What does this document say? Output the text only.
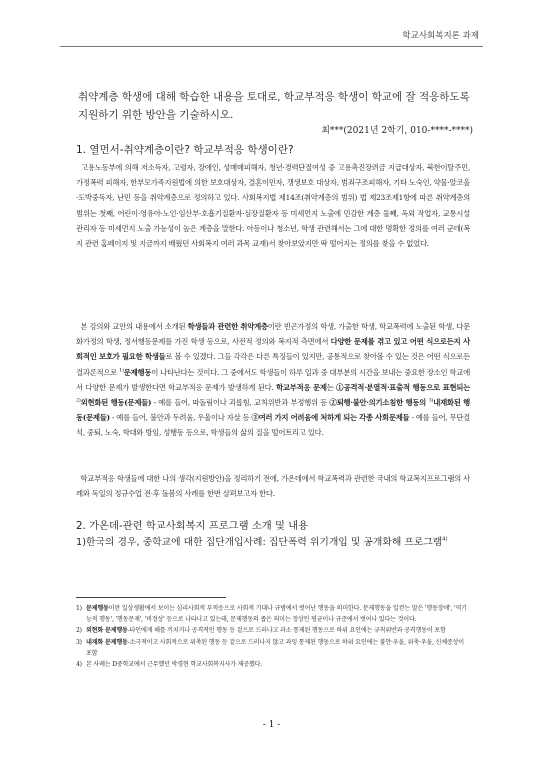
학교사회복지론 과제
취약계층 학생에 대해 학습한 내용을 토대로, 학교부적응 학생이 학교에 잘 적응하도록 지원하기 위한 방안을 기술하시오.
최***(2021년 2학기, 010-****-****)
1. 열먼서-취약계층이란? 학교부적응 학생이란?
고용노동부에 의해 저소득자, 고령자, 장애인, 성매매피해자, 청년·경력단절여성 중 고용촉진장려금 지급대상자, 북한이탈주민, 가정폭력 피해자, 한부모가족지원법에 의한 보호대상자, 결혼이민자, 갱생보호 대상자, 범죄구조피해자, 기타 노숙인, 약물·알코올·도박중독자, 난민 등을 취약계층으로 정의하고 있다. 사회복지법 제14조(취약계층의 범위) 법 제23조제1항에 따른 취약계층의 범위는 첫째, 어린이·영유아·노인·임산부·호흡기질환자·심장질환자 등 미세먼지 노출에 민감한 계층 둘째, 옥외 작업자, 교통시설 관리자 등 미세먼지 노출 가능성이 높은 계층을 말한다. 아동이나 청소년, 학생 관련해서는 그에 대한 명확한 정의를 여러 군데(복지 관련 홈페이지 및 지금까지 배웠던 사회복지 여러 과목 교재)서 찾아보았지만 딱 떨어지는 정의를 찾을 수 없었다.
본 강의와 교안의 내용에서 소개된 학생들과 관련한 취약계층이란 빈곤가정의 학생, 가출한 학생, 학교폭력에 노출된 학생, 다문화가정의 학생, 정서행동문제를 가진 학생 등으로, 사전적 정의와 복지적 측면에서 다양한 문제를 겪고 있고 어떤 식으로든지 사회적인 보호가 필요한 학생들로 볼 수 있겠다. 그들 각각은 다른 특징들이 있지만, 공통적으로 찾아볼 수 있는 것은 어떤 식으로든 결과론적으로 $^{1)}$문제행동이 나타난다는 것이다. 그 중에서도 학생들이 하루 일과 중 대부분의 시간을 보내는 중요한 장소인 학교에서 다양한 문제가 발생한다면 학교부적응 문제가 발생하게 된다. 학교부적응 문제는 ①공격적·분열적·표출적 행동으로 표현되는 $^{2)}$외현화된 행동(문제들) - 예를 들어, 따돌림이나 괴롭힘, 교칙위반과 부정행위 등 ②퇴행·불안·의기소침한 행동의 $^{3)}$내재화된 행동(문제들) - 예를 들어, 불안과 두려움, 우울이나 자살 등 ③여러 가지 어려움에 처하게 되는 각종 사회문제들 - 예를 들어, 무단결석, 중퇴, 노숙, 학대와 방임, 성행동 등으로, 학생들의 삶의 질을 떨어트리고 있다.
학교부적응 학생들에 대한 나의 생각(지원방안)을 정리하기 전에, 가온데에서 학교폭력과 관련한 국내의 학교복지프로그램의 사례와 독일의 정규수업 전·후 돌봄의 사례를 한번 살펴보고자 한다.
2. 가온데-관련 학교사회복지 프로그램 소개 및 내용
1)한국의 경우, 중학교에 대한 집단개입사례: 집단폭력 위기개입 및 공개화해 프로그램$^{4)}$
1) 문제행동이란 일상생활에서 보이는 심리사회적 부적응으로 사회적 기대나 규범에서 벗어난 행동을 의미한다. 문제행동을 일컫는 말은 '행동장애', '역기능적 행동', '행동문제', '비정상' 등으로 나타나고 있는데, 문제행동의 좁은 의미는 정상인 평균이나 규준에서 벗어나 있다는 것이다.
2) 외현화 문제행동-타인에게 해를 끼치거나 공격적인 행동 등 겉으로 드러나고 과소 통제된 행동으로 하위 요인에는 규칙위반과 공격행동이 포함
3) 내재화 문제행동-소극적이고 사회적으로 위축된 행동 등 겉으로 드러나지 않고 과잉 통제된 행동으로 하위 요인에는 불안·우울, 위축·우울, 신체증상이 포함
4) 본 사례는 D중학교에서 근무했던 박경현 학교사회복지사가 제공했다.
- 1 -
